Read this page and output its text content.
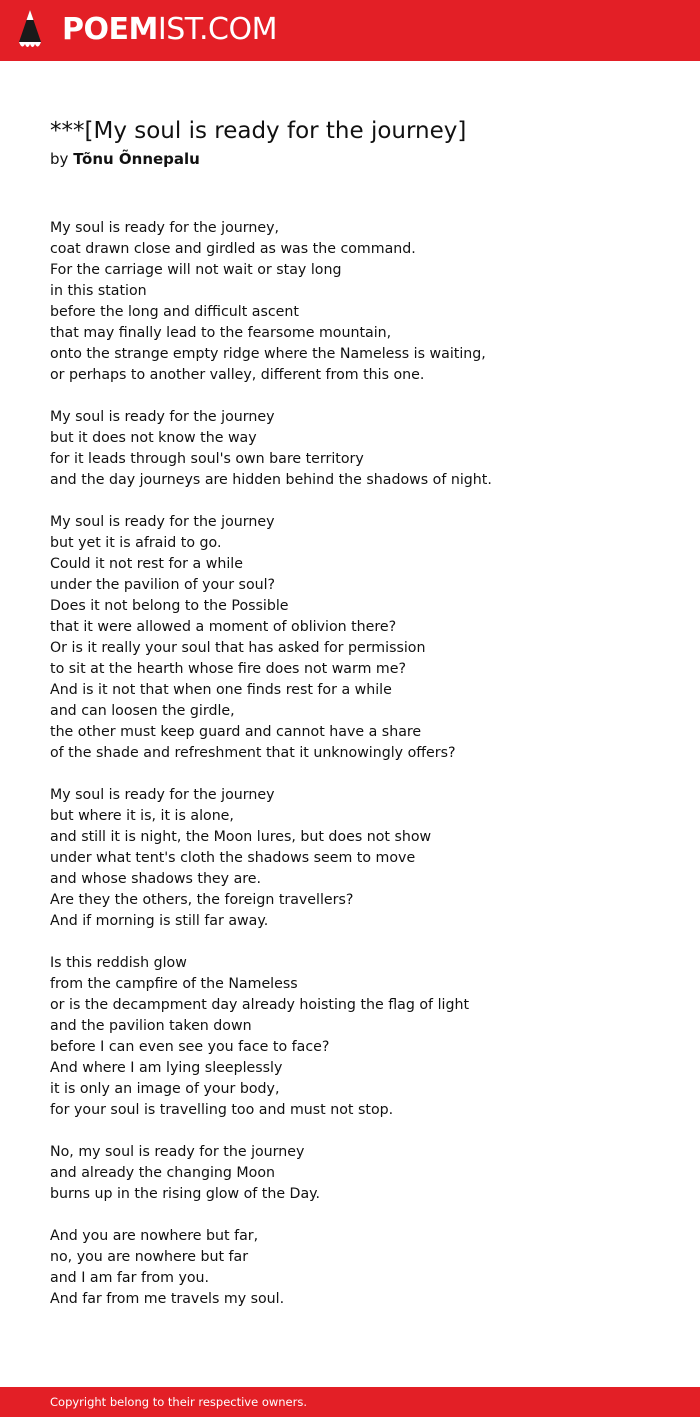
POEMIST.COM
***[My soul is ready for the journey]
by Tõnu Õnnepalu
My soul is ready for the journey,
coat drawn close and girdled as was the command.
For the carriage will not wait or stay long
in this station
before the long and difficult ascent
that may finally lead to the fearsome mountain,
onto the strange empty ridge where the Nameless is waiting,
or perhaps to another valley, different from this one.
My soul is ready for the journey
but it does not know the way
for it leads through soul's own bare territory
and the day journeys are hidden behind the shadows of night.
My soul is ready for the journey
but yet it is afraid to go.
Could it not rest for a while
under the pavilion of your soul?
Does it not belong to the Possible
that it were allowed a moment of oblivion there?
Or is it really your soul that has asked for permission
to sit at the hearth whose fire does not warm me?
And is it not that when one finds rest for a while
and can loosen the girdle,
the other must keep guard and cannot have a share
of the shade and refreshment that it unknowingly offers?
My soul is ready for the journey
but where it is, it is alone,
and still it is night, the Moon lures, but does not show
under what tent's cloth the shadows seem to move
and whose shadows they are.
Are they the others, the foreign travellers?
And if morning is still far away.
Is this reddish glow
from the campfire of the Nameless
or is the decampment day already hoisting the flag of light
and the pavilion taken down
before I can even see you face to face?
And where I am lying sleeplessly
it is only an image of your body,
for your soul is travelling too and must not stop.
No, my soul is ready for the journey
and already the changing Moon
burns up in the rising glow of the Day.
And you are nowhere but far,
no, you are nowhere but far
and I am far from you.
And far from me travels my soul.
Copyright belong to their respective owners.
